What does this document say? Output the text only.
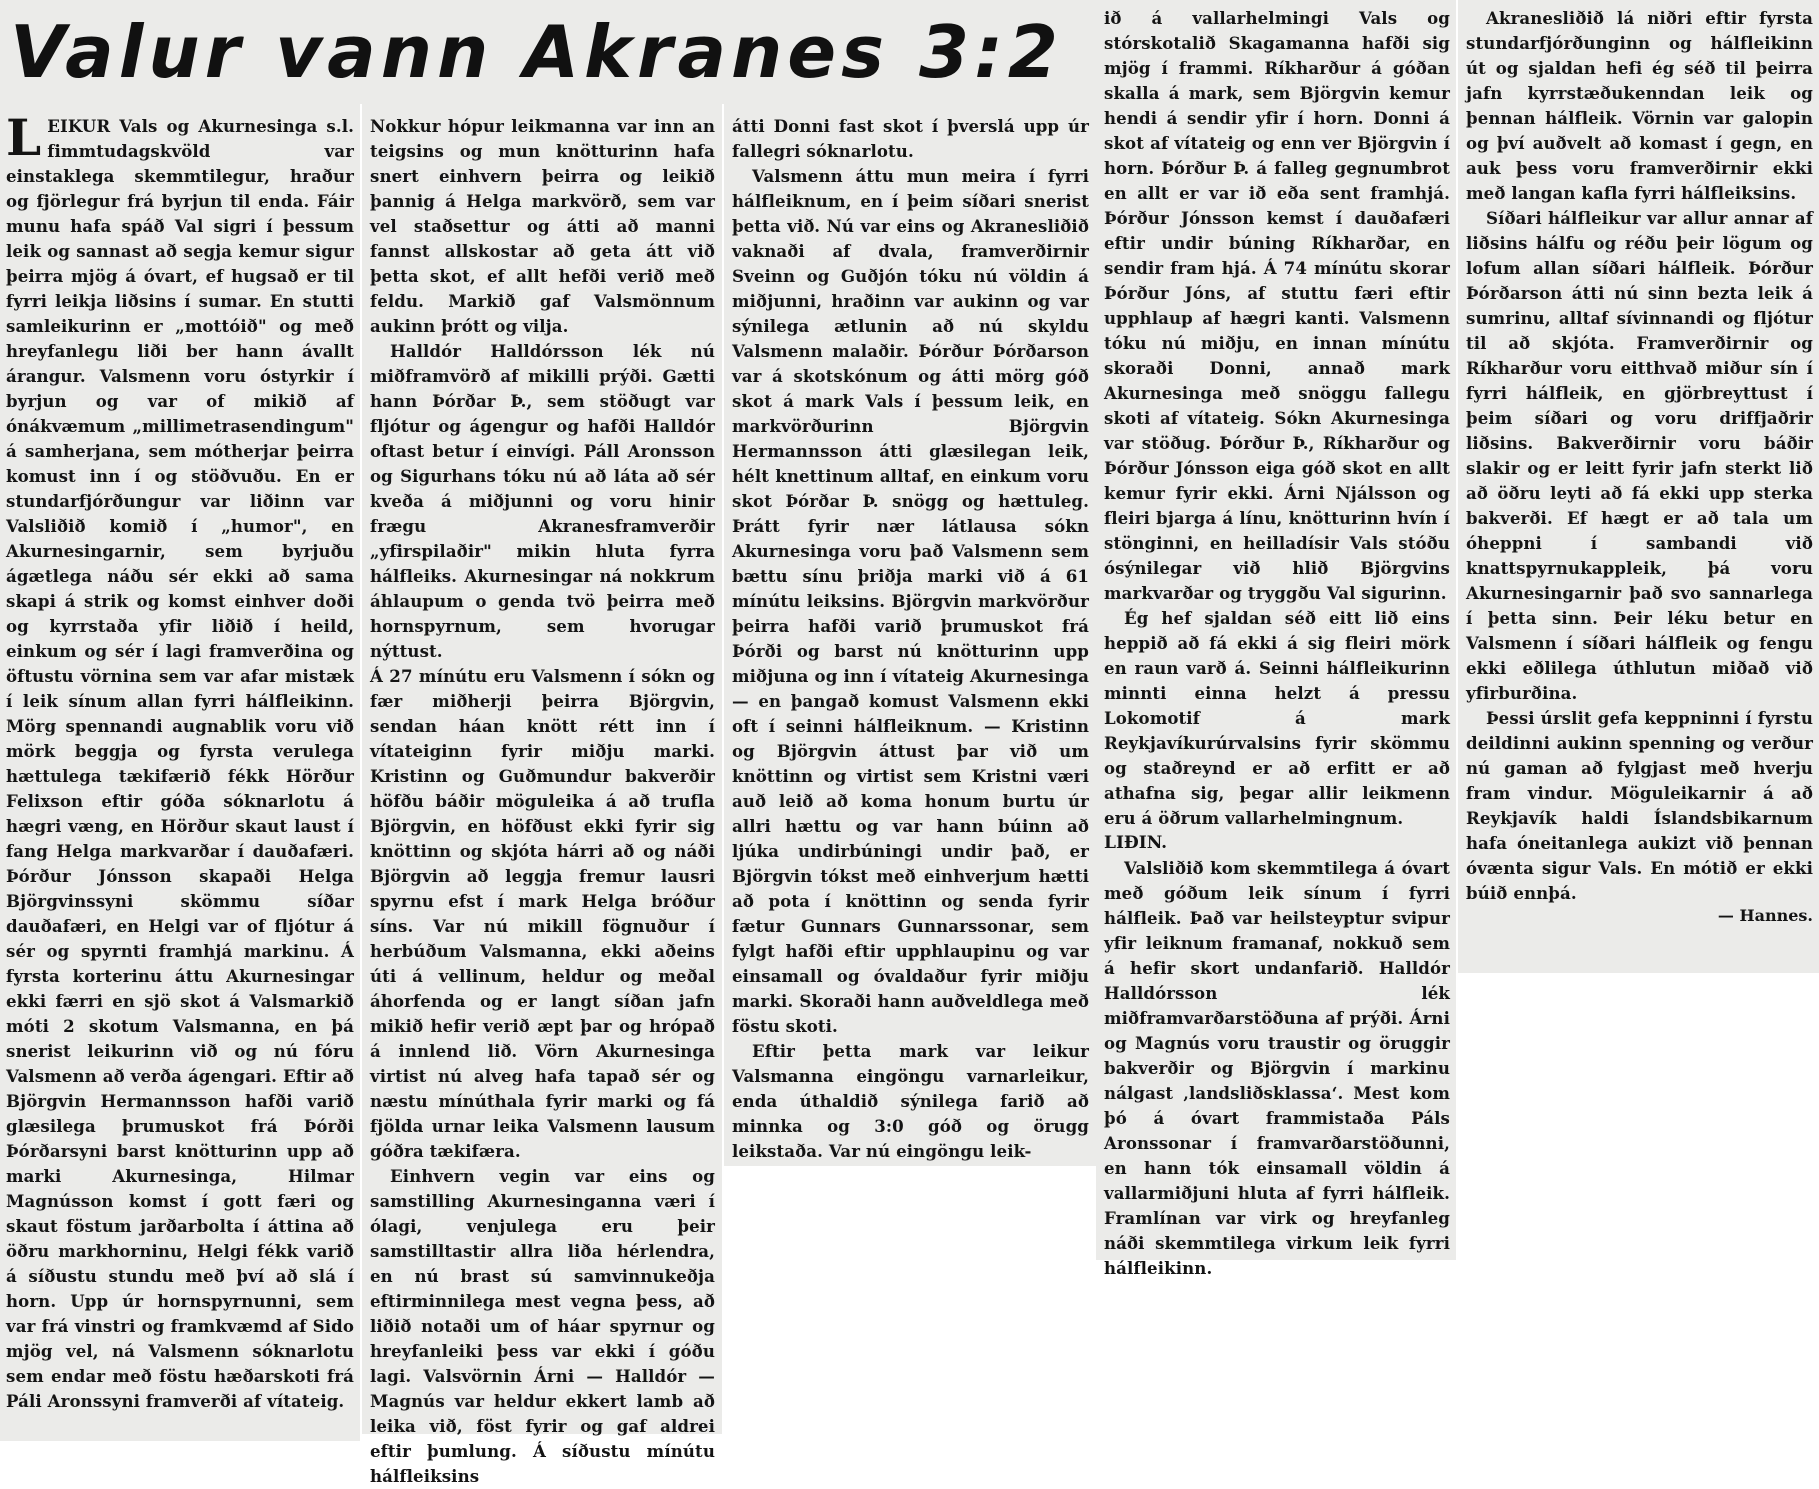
Valur vann Akranes 3:2

LEIKUR Vals og Akurnesinga s.l. fimmtudagskvöld var einstaklega skemmtilegur, hraður og fjörlegur frá byrjun til enda. Fáir munu hafa spáð Val sigri í þessum leik og sannast að segja kemur sigur þeirra mjög á óvart, ef hugsað er til fyrri leikja liðsins í sumar. En stutti samleikurinn er „mottóið" og með hreyfanlegu liði ber hann ávallt árangur. Valsmenn voru óstyrkir í byrjun og var of mikið af ónákvæmum „millimetrasendingum" á samherjana, sem mótherjar þeirra komust inn í og stöðvuðu. En er stundarfjórðungur var liðinn var Valsliðið komið í „humor", en Akurnesingarnir, sem byrjuðu ágætlega náðu sér ekki að sama skapi á strik og komst einhver doði og kyrrstaða yfir liðið í heild, einkum og sér í lagi framverðina og öftustu vörnina sem var afar mistæk í leik sínum allan fyrri hálfleikinn. Mörg spennandi augnablik voru við mörk beggja og fyrsta verulega hættulega tækifærið fékk Hörður Felixson eftir góða sóknarlotu á hægri væng, en Hörður skaut laust í fang Helga markvarðar í dauðafæri. Þórður Jónsson skapaði Helga Björgvinssyni skömmu síðar dauðafæri, en Helgi var of fljótur á sér og spyrnti framhjá markinu. Á fyrsta korterinu áttu Akurnesingar ekki færri en sjö skot á Valsmarkið móti 2 skotum Valsmanna, en þá snerist leikurinn við og nú fóru Valsmenn að verða ágengari. Eftir að Björgvin Hermannsson hafði varið glæsilega þrumuskot frá Þórði Þórðarsyni barst knötturinn upp að marki Akurnesinga, Hilmar Magnússon komst í gott færi og skaut föstum jarðarbolta í áttina að öðru markhorninu, Helgi fékk varið á síðustu stundu með því að slá í horn. Upp úr hornspyrnunni, sem var frá vinstri og framkvæmd af Sido mjög vel, ná Valsmenn sóknarlotu sem endar með föstu hæðarskoti frá Páli Aronssyni framverði af vítateig.

Nokkur hópur leikmanna var inn an teigsins og mun knötturinn hafa snert einhvern þeirra og leikið þannig á Helga markvörð, sem var vel staðsettur og átti að manni fannst allskostar að geta átt við þetta skot, ef allt hefði verið með feldu. Markið gaf Valsmönnum aukinn þrótt og vilja.

Halldór Halldórsson lék nú miðframvörð af mikilli prýði. Gætti hann Þórðar Þ., sem stöðugt var fljótur og ágengur og hafði Halldór oftast betur í einvígi. Páll Aronsson og Sigurhans tóku nú að láta að sér kveða á miðjunni og voru hinir frægu Akranesframverðir „yfirspilaðir" mikin hluta fyrra hálfleiks. Akurnesingar ná nokkrum áhlaupum o genda tvö þeirra með hornspyrnum, sem hvorugar nýttust.

Á 27 mínútu eru Valsmenn í sókn og fær miðherji þeirra Björgvin, sendan háan knött rétt inn í vítateiginn fyrir miðju marki. Kristinn og Guðmundur bakverðir höfðu báðir möguleika á að trufla Björgvin, en höfðust ekki fyrir sig knöttinn og skjóta hárri að og náði Björgvin að leggja fremur lausri spyrnu efst í mark Helga bróður síns. Var nú mikill fögnuður í herbúðum Valsmanna, ekki aðeins úti á vellinum, heldur og meðal áhorfenda og er langt síðan jafn mikið hefir verið æpt þar og hrópað á innlend lið. Vörn Akurnesinga virtist nú alveg hafa tapað sér og næstu mínúthala fyrir marki og fá fjölda urnar leika Valsmenn lausum góðra tækifæra.

Einhvern vegin var eins og samstilling Akurnesinganna væri í ólagi, venjulega eru þeir samstilltastir allra liða hérlendra, en nú brast sú samvinnukeðja eftirminnilega mest vegna þess, að liðið notaði um of háar spyrnur og hreyfanleiki þess var ekki í góðu lagi. Valsvörnin Árni — Halldór — Magnús var heldur ekkert lamb að leika við, föst fyrir og gaf aldrei eftir þumlung. Á síðustu mínútu hálfleiksins

átti Donni fast skot í þverslá upp úr fallegri sóknarlotu.

Valsmenn áttu mun meira í fyrri hálfleiknum, en í þeim síðari snerist þetta við. Nú var eins og Akranesliðið vaknaði af dvala, framverðirnir Sveinn og Guðjón tóku nú völdin á miðjunni, hraðinn var aukinn og var sýnilega ætlunin að nú skyldu Valsmenn malaðir. Þórður Þórðarson var á skotskónum og átti mörg góð skot á mark Vals í þessum leik, en markvörðurinn Björgvin Hermannsson átti glæsilegan leik, hélt knettinum alltaf, en einkum voru skot Þórðar Þ. snögg og hættuleg. Þrátt fyrir nær látlausa sókn Akurnesinga voru það Valsmenn sem bættu sínu þriðja marki við á 61 mínútu leiksins. Björgvin markvörður þeirra hafði varið þrumuskot frá Þórði og barst nú knötturinn upp miðjuna og inn í vítateig Akurnesinga — en þangað komust Valsmenn ekki oft í seinni hálfleiknum. — Kristinn og Björgvin áttust þar við um knöttinn og virtist sem Kristni væri auð leið að koma honum burtu úr allri hættu og var hann búinn að ljúka undirbúningi undir það, er Björgvin tókst með einhverjum hætti að pota í knöttinn og senda fyrir fætur Gunnars Gunnarssonar, sem fylgt hafði eftir upphlaupinu og var einsamall og óvaldaður fyrir miðju marki. Skoraði hann auðveldlega með föstu skoti.

Eftir þetta mark var leikur Valsmanna eingöngu varnarleikur, enda úthaldið sýnilega farið að minnka og 3:0 góð og örugg leikstaða. Var nú eingöngu leik-

ið á vallarhelmingi Vals og stórskotalið Skagamanna hafði sig mjög í frammi. Ríkharður á góðan skalla á mark, sem Björgvin kemur hendi á sendir yfir í horn. Donni á skot af vítateig og enn ver Björgvin í horn. Þórður Þ. á falleg gegnumbrot en allt er var ið eða sent framhjá. Þórður Jónsson kemst í dauðafæri eftir undir búning Ríkharðar, en sendir fram hjá. Á 74 mínútu skorar Þórður Jóns, af stuttu færi eftir upphlaup af hægri kanti. Valsmenn tóku nú miðju, en innan mínútu skoraði Donni, annað mark Akurnesinga með snöggu fallegu skoti af vítateig. Sókn Akurnesinga var stöðug. Þórður Þ., Ríkharður og Þórður Jónsson eiga góð skot en allt kemur fyrir ekki. Árni Njálsson og fleiri bjarga á línu, knötturinn hvín í stönginni, en heilladísir Vals stóðu ósýnilegar við hlið Björgvins markvarðar og tryggðu Val sigurinn.

Ég hef sjaldan séð eitt lið eins heppið að fá ekki á sig fleiri mörk en raun varð á. Seinni hálfleikurinn minnti einna helzt á pressu Lokomotif á mark Reykjavíkurúrvalsins fyrir skömmu og staðreynd er að erfitt er að athafna sig, þegar allir leikmenn eru á öðrum vallarhelmingnum.

LIÐIN.

Valsliðið kom skemmtilega á óvart með góðum leik sínum í fyrri hálfleik. Það var heilsteyptur svipur yfir leiknum framanaf, nokkuð sem á hefir skort undanfarið. Halldór Halldórsson lék miðframvarðarstöðuna af prýði. Árni og Magnús voru traustir og öruggir bakverðir og Björgvin í markinu nálgast ‚landsliðsklassa‘. Mest kom þó á óvart frammistaða Páls Aronssonar í framvarðarstöðunni, en hann tók einsamall völdin á vallarmiðjuni hluta af fyrri hálfleik. Framlínan var virk og hreyfanleg náði skemmtilega virkum leik fyrri hálfleikinn.

Akranesliðið lá niðri eftir fyrsta stundarfjórðunginn og hálfleikinn út og sjaldan hefi ég séð til þeirra jafn kyrrstæðukenndan leik og þennan hálfleik. Vörnin var galopin og því auðvelt að komast í gegn, en auk þess voru framverðirnir ekki með langan kafla fyrri hálfleiksins.

Síðari hálfleikur var allur annar af liðsins hálfu og réðu þeir lögum og lofum allan síðari hálfleik. Þórður Þórðarson átti nú sinn bezta leik á sumrinu, alltaf sívinnandi og fljótur til að skjóta. Framverðirnir og Ríkharður voru eitthvað miður sín í fyrri hálfleik, en gjörbreyttust í þeim síðari og voru driffjaðrir liðsins. Bakverðirnir voru báðir slakir og er leitt fyrir jafn sterkt lið að öðru leyti að fá ekki upp sterka bakverði. Ef hægt er að tala um óheppni í sambandi við knattspyrnukappleik, þá voru Akurnesingarnir það svo sannarlega í þetta sinn. Þeir léku betur en Valsmenn í síðari hálfleik og fengu ekki eðlilega úthlutun miðað við yfirburðina.

Þessi úrslit gefa keppninni í fyrstu deildinni aukinn spenning og verður nú gaman að fylgjast með hverju fram vindur. Möguleikarnir á að Reykjavík haldi Íslandsbikarnum hafa óneitanlega aukizt við þennan óvænta sigur Vals. En mótið er ekki búið ennþá.

— Hannes.
